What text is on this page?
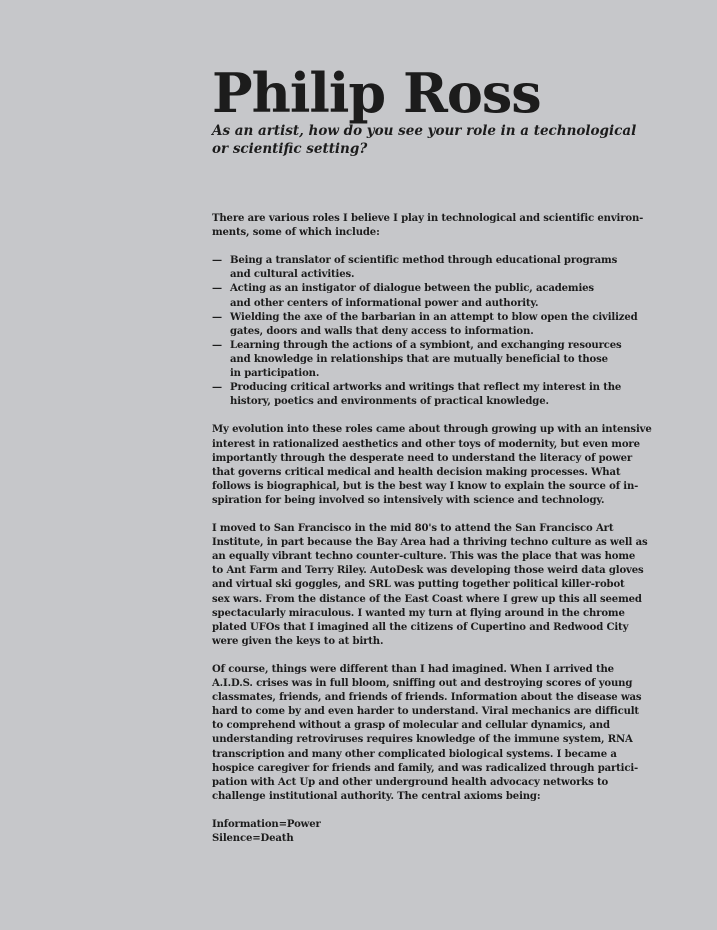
Philip Ross
As an artist, how do you see your role in a technological or scientific setting?

There are various roles I believe I play in technological and scientific environ-
ments, some of which include:

— Being a translator of scientific method through educational programs
and cultural activities.
— Acting as an instigator of dialogue between the public, academies
and other centers of informational power and authority.
— Wielding the axe of the barbarian in an attempt to blow open the civilized
gates, doors and walls that deny access to information.
— Learning through the actions of a symbiont, and exchanging resources
and knowledge in relationships that are mutually beneficial to those
in participation.
— Producing critical artworks and writings that reflect my interest in the
history, poetics and environments of practical knowledge.

My evolution into these roles came about through growing up with an intensive
interest in rationalized aesthetics and other toys of modernity, but even more
importantly through the desperate need to understand the literacy of power
that governs critical medical and health decision making processes. What
follows is biographical, but is the best way I know to explain the source of in-
spiration for being involved so intensively with science and technology.

I moved to San Francisco in the mid 80's to attend the San Francisco Art
Institute, in part because the Bay Area had a thriving techno culture as well as
an equally vibrant techno counter-culture. This was the place that was home
to Ant Farm and Terry Riley. AutoDesk was developing those weird data gloves
and virtual ski goggles, and SRL was putting together political killer-robot
sex wars. From the distance of the East Coast where I grew up this all seemed
spectacularly miraculous. I wanted my turn at flying around in the chrome
plated UFOs that I imagined all the citizens of Cupertino and Redwood City
were given the keys to at birth.

Of course, things were different than I had imagined. When I arrived the
A.I.D.S. crises was in full bloom, sniffing out and destroying scores of young
classmates, friends, and friends of friends. Information about the disease was
hard to come by and even harder to understand. Viral mechanics are difficult
to comprehend without a grasp of molecular and cellular dynamics, and
understanding retroviruses requires knowledge of the immune system, RNA
transcription and many other complicated biological systems. I became a
hospice caregiver for friends and family, and was radicalized through partici-
pation with Act Up and other underground health advocacy networks to
challenge institutional authority. The central axioms being:

Information=Power
Silence=Death
